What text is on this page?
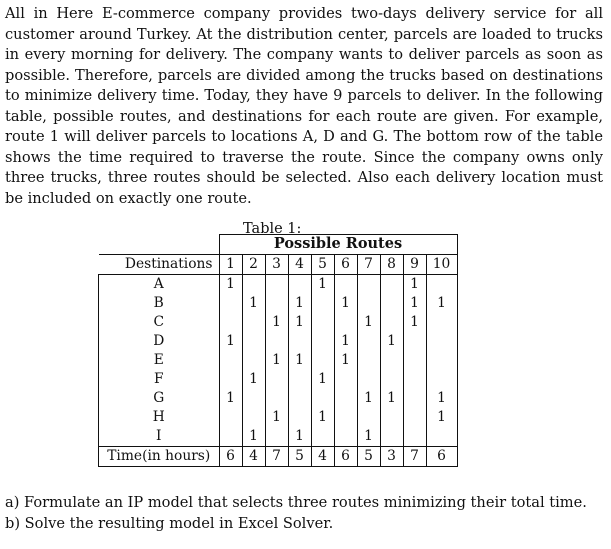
All in Here E-commerce company provides two-days delivery service for all customer around Turkey. At the distribution center, parcels are loaded to trucks in every morning for delivery. The company wants to deliver parcels as soon as possible. Therefore, parcels are divided among the trucks based on destinations to minimize delivery time. Today, they have 9 parcels to deliver. In the following table, possible routes, and destinations for each route are given. For example, route 1 will deliver parcels to locations A, D and G. The bottom row of the table shows the time required to traverse the route. Since the company owns only three trucks, three routes should be selected. Also each delivery location must be included on exactly one route.

Table 1:
	Possible Routes									
Destinations	1	2	3	4	5	6	7	8	9	10
A	1				1				1	
B		1		1		1			1	1
C			1	1			1		1	
D	1					1		1		
E			1	1		1				
F		1			1					
G	1						1	1		1
H			1		1					1
I		1		1			1			
Time(in hours)	6	4	7	5	4	6	5	3	7	6
a) Formulate an IP model that selects three routes minimizing their total time.
b) Solve the resulting model in Excel Solver.
